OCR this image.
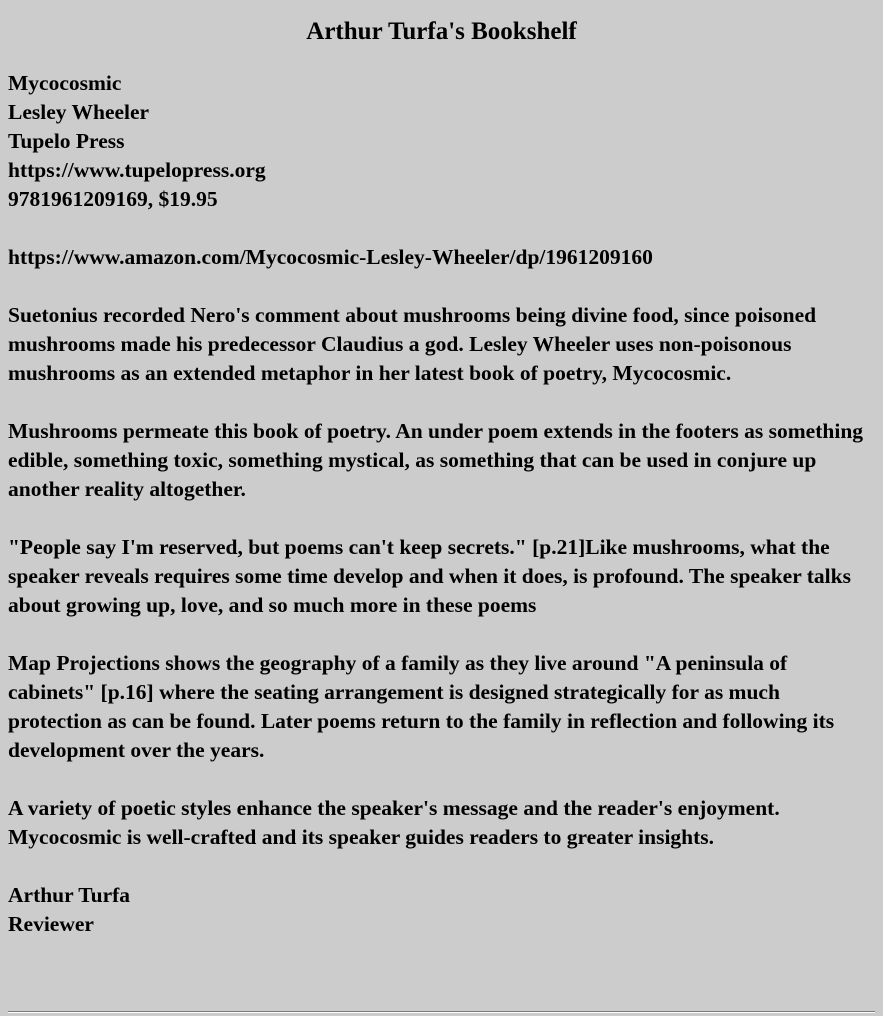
Arthur Turfa's Bookshelf
Mycocosmic
Lesley Wheeler
Tupelo Press
https://www.tupelopress.org
9781961209169, $19.95
https://www.amazon.com/Mycocosmic-Lesley-Wheeler/dp/1961209160

Suetonius recorded Nero's comment about mushrooms being divine food, since poisoned mushrooms made his predecessor Claudius a god. Lesley Wheeler uses non-poisonous mushrooms as an extended metaphor in her latest book of poetry, Mycocosmic.

Mushrooms permeate this book of poetry. An under poem extends in the footers as something edible, something toxic, something mystical, as something that can be used in conjure up another reality altogether.

"People say I'm reserved, but poems can't keep secrets." [p.21]Like mushrooms, what the speaker reveals requires some time develop and when it does, is profound. The speaker talks about growing up, love, and so much more in these poems

Map Projections shows the geography of a family as they live around "A peninsula of cabinets" [p.16] where the seating arrangement is designed strategically for as much protection as can be found. Later poems return to the family in reflection and following its development over the years.

A variety of poetic styles enhance the speaker's message and the reader's enjoyment. Mycocosmic is well-crafted and its speaker guides readers to greater insights.

Arthur Turfa
Reviewer
